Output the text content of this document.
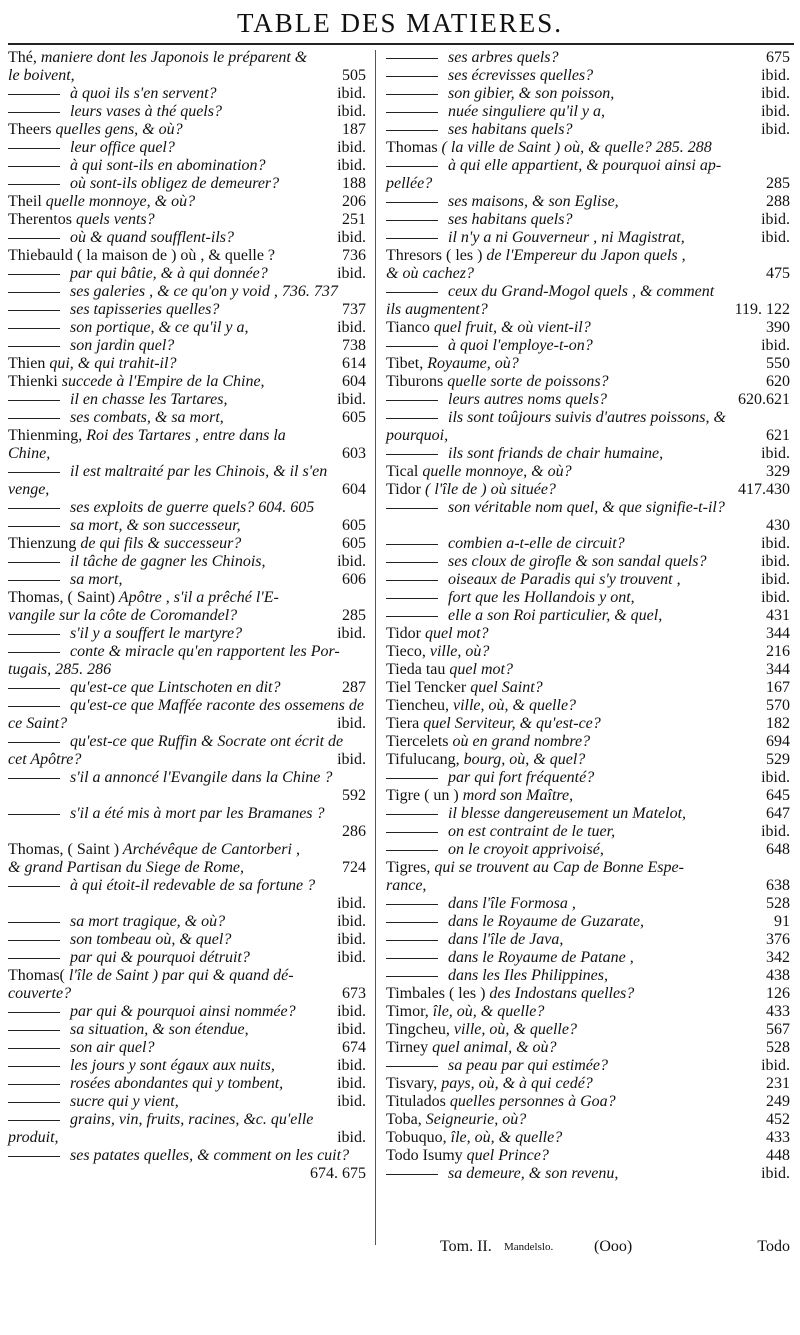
TABLE DES MATIERES.
Thé, maniere dont les Japonois le préparent &
le boivent,	505
à quoi ils s'en servent?	ibid.
leurs vases à thé quels?	ibid.
Theers quelles gens, & où?	187
leur office quel?	ibid.
à qui sont-ils en abomination?	ibid.
où sont-ils obligez de demeurer?	188
Theil quelle monnoye, & où?	206
Therentos quels vents?	251
où & quand soufflent-ils?	ibid.
Thiebauld ( la maison de ) où , & quelle ?	736
par qui bâtie, & à qui donnée?	ibid.
ses galeries , & ce qu'on y void , 736. 737
ses tapisseries quelles?	737
son portique, & ce qu'il y a,	ibid.
son jardin quel?	738
Thien qui, & qui trahit-il?	614
Thienki succede à l'Empire de la Chine,	604
il en chasse les Tartares,	ibid.
ses combats, & sa mort,	605
Thienming, Roi des Tartares , entre dans la
Chine,	603
il est maltraité par les Chinois, & il s'en
venge,	604
ses exploits de guerre quels? 604. 605
sa mort, & son successeur,	605
Thienzung de qui fils & successeur?	605
il tâche de gagner les Chinois,	ibid.
sa mort,	606
Thomas, ( Saint) Apôtre , s'il a prêché l'E-
vangile sur la côte de Coromandel?	285
s'il y a souffert le martyre?	ibid.
conte & miracle qu'en rapportent les Por-
tugais, 285. 286
qu'est-ce que Lintschoten en dit?	287
qu'est-ce que Maffée raconte des ossemens de
ce Saint?	ibid.
qu'est-ce que Ruffin & Socrate ont écrit de
cet Apôtre?	ibid.
s'il a annoncé l'Evangile dans la Chine ?
592
s'il a été mis à mort par les Bramanes ?
286
Thomas, ( Saint ) Archévêque de Cantorberi ,
& grand Partisan du Siege de Rome,	724
à qui étoit-il redevable de sa fortune ?
ibid.
sa mort tragique, & où?	ibid.
son tombeau où, & quel?	ibid.
par qui & pourquoi détruit?	ibid.
Thomas( l'île de Saint ) par qui & quand dé-
couverte?	673
par qui & pourquoi ainsi nommée?	ibid.
sa situation, & son étendue,	ibid.
son air quel?	674
les jours y sont égaux aux nuits,	ibid.
rosées abondantes qui y tombent,	ibid.
sucre qui y vient,	ibid.
grains, vin, fruits, racines, &c. qu'elle
produit,	ibid.
ses patates quelles, & comment on les cuit?
674. 675
ses arbres quels?	675
ses écrevisses quelles?	ibid.
son gibier, & son poisson,	ibid.
nuée singuliere qu'il y a,	ibid.
ses habitans quels?	ibid.
Thomas ( la ville de Saint ) où, & quelle? 285. 288
à qui elle appartient, & pourquoi ainsi ap-
pellée?	285
ses maisons, & son Eglise,	288
ses habitans quels?	ibid.
il n'y a ni Gouverneur , ni Magistrat,	ibid.
Thresors ( les ) de l'Empereur du Japon quels ,
& où cachez?	475
ceux du Grand-Mogol quels , & comment
ils augmentent?	119. 122
Tianco quel fruit, & où vient-il?	390
à quoi l'employe-t-on?	ibid.
Tibet, Royaume, où?	550
Tiburons quelle sorte de poissons?	620
leurs autres noms quels?	620.621
ils sont toûjours suivis d'autres poissons, &
pourquoi,	621
ils sont friands de chair humaine,	ibid.
Tical quelle monnoye, & où?	329
Tidor ( l'île de ) où située?	417.430
son véritable nom quel, & que signifie-t-il?
430
combien a-t-elle de circuit?	ibid.
ses cloux de girofle & son sandal quels?	ibid.
oiseaux de Paradis qui s'y trouvent ,	ibid.
fort que les Hollandois y ont,	ibid.
elle a son Roi particulier, & quel,	431
Tidor quel mot?	344
Tieco, ville, où?	216
Tieda tau quel mot?	344
Tiel Tencker quel Saint?	167
Tiencheu, ville, où, & quelle?	570
Tiera quel Serviteur, & qu'est-ce?	182
Tiercelets où en grand nombre?	694
Tifulucang, bourg, où, & quel?	529
par qui fort fréquenté?	ibid.
Tigre ( un ) mord son Maître,	645
il blesse dangereusement un Matelot,	647
on est contraint de le tuer,	ibid.
on le croyoit apprivoisé,	648
Tigres, qui se trouvent au Cap de Bonne Espe-
rance,	638
dans l'île Formosa ,	528
dans le Royaume de Guzarate,	91
dans l'île de Java,	376
dans le Royaume de Patane ,	342
dans les Iles Philippines,	438
Timbales ( les ) des Indostans quelles?	126
Timor, île, où, & quelle?	433
Tingcheu, ville, où, & quelle?	567
Tirney quel animal, & où?	528
sa peau par qui estimée?	ibid.
Tisvary, pays, où, & à qui cedé?	231
Titulados quelles personnes à Goa?	249
Toba, Seigneurie, où?	452
Tobuquo, île, où, & quelle?	433
Todo Isumy quel Prince?	448
sa demeure, & son revenu,	ibid.
Tom. II. Mandelslo.	(Ooo)	Todo
